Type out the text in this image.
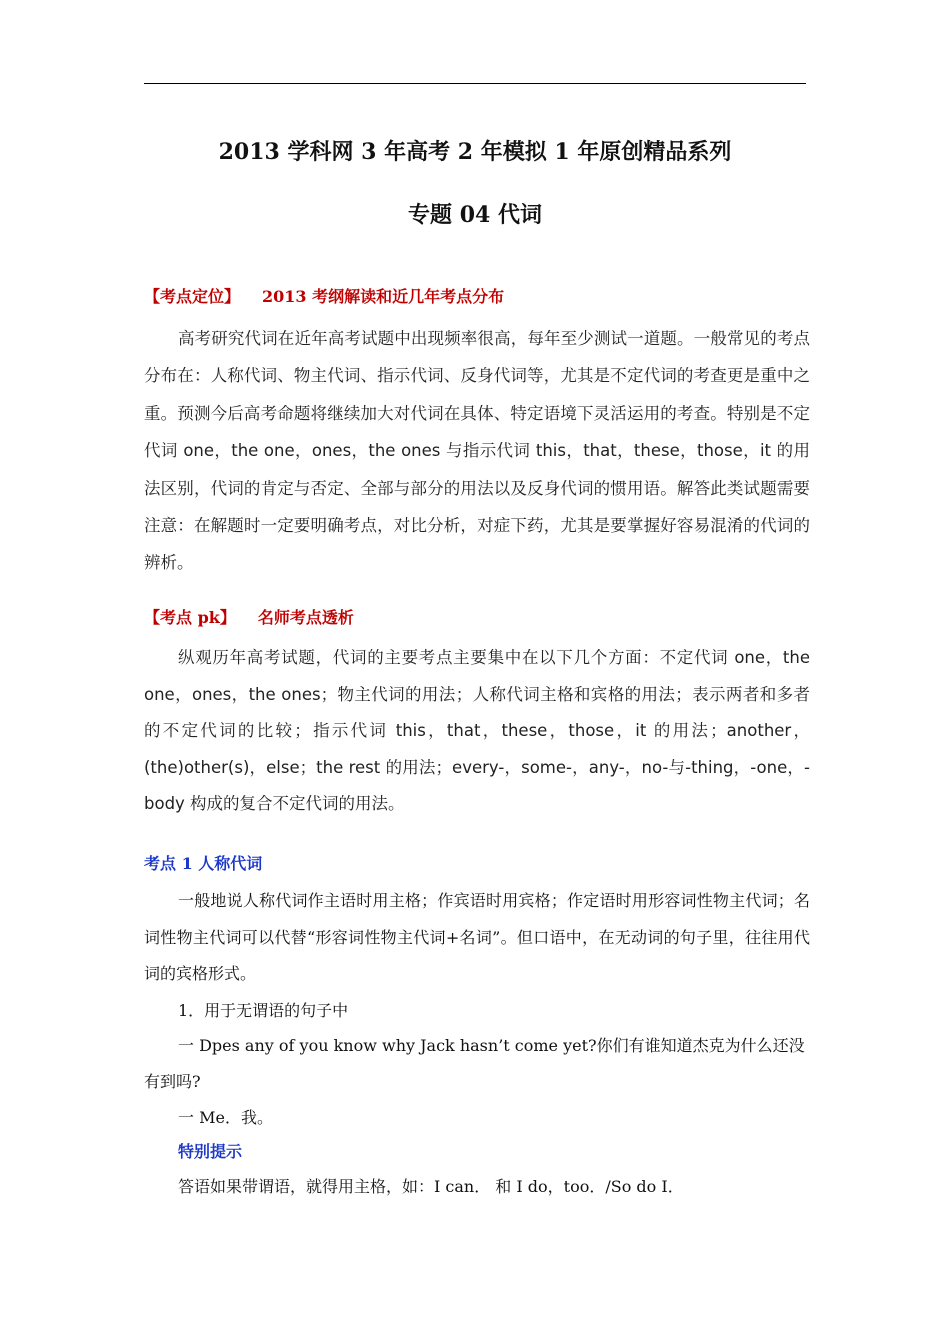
2013 学科网 3 年高考 2 年模拟 1 年原创精品系列
专题 04 代词
【考点定位】 2013 考纲解读和近几年考点分布
高考研究代词在近年高考试题中出现频率很高，每年至少测试一道题。一般常见的考点分布在：人称代词、物主代词、指示代词、反身代词等，尤其是不定代词的考查更是重中之重。预测今后高考命题将继续加大对代词在具体、特定语境下灵活运用的考查。特别是不定代词 one，the one，ones，the ones 与指示代词 this，that，these，those，it 的用法区别，代词的肯定与否定、全部与部分的用法以及反身代词的惯用语。解答此类试题需要注意：在解题时一定要明确考点，对比分析，对症下药，尤其是要掌握好容易混淆的代词的辨析。
【考点 pk】 名师考点透析
纵观历年高考试题，代词的主要考点主要集中在以下几个方面：不定代词 one，the one，ones，the ones；物主代词的用法；人称代词主格和宾格的用法；表示两者和多者的不定代词的比较；指示代词 this，that，these，those，it 的用法；another，(the)other(s)，else；the rest 的用法；every-，some-，any-，no-与-thing，-one，-body 构成的复合不定代词的用法。
考点 1 人称代词
一般地说人称代词作主语时用主格；作宾语时用宾格；作定语时用形容词性物主代词；名词性物主代词可以代替“形容词性物主代词+名词”。但口语中，在无动词的句子里，往往用代词的宾格形式。
1．用于无谓语的句子中
一 Dpes any of you know why Jack hasn’t come yet?你们有谁知道杰克为什么还没有到吗?
一 Me．我。
特别提示
答语如果带谓语，就得用主格，如：I can． 和 I do，too．/So do I．
